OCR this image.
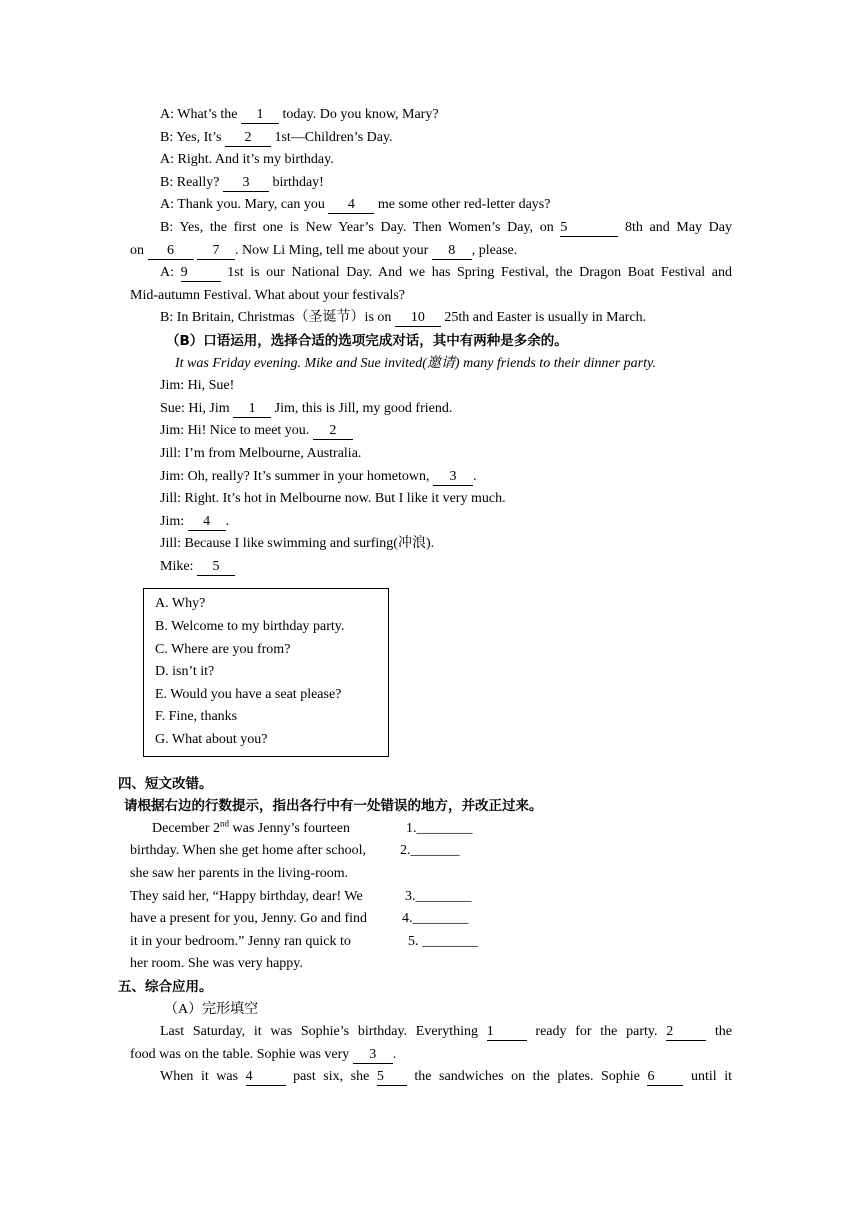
A: What’s the 1 today. Do you know, Mary?
B: Yes, It’s 2 1st—Children’s Day.
A: Right. And it’s my birthday.
B: Really? 3 birthday!
A: Thank you. Mary, can you 4 me some other red-letter days?
B: Yes, the first one is New Year’s Day. Then Women’s Day, on 5	8th and May Day
on 6	7 . Now Li Ming, tell me about your 8 , please.
A: 9 1st is our National Day. And we has Spring Festival, the Dragon Boat Festival and
Mid-autumn Festival. What about your festivals?
B: In Britain, Christmas（圣诞节）is on 10 25th and Easter is usually in March.
（B）口语运用，选择合适的选项完成对话，其中有两种是多余的。
It was Friday evening. Mike and Sue invited(邀请) many friends to their dinner party.
Jim: Hi, Sue!
Sue: Hi, Jim 1 Jim, this is Jill, my good friend.
Jim: Hi! Nice to meet you. 2
Jill: I’m from Melbourne, Australia.
Jim: Oh, really? It’s summer in your hometown, 3 .
Jill: Right. It’s hot in Melbourne now. But I like it very much.
Jim: 4 .
Jill: Because I like swimming and surfing(冲浪).
Mike: 5
A. Why?
B. Welcome to my birthday party.
C. Where are you from?
D. isn’t it?
E. Would you have a seat please?
F. Fine, thanks
G. What about you?
四、短文改错。
请根据右边的行数提示，指出各行中有一处错误的地方，并改正过来。
December 2nd was Jenny’s fourteen	1.________
birthday. When she get home after school, 2._______
she saw her parents in the living-room.
They said her, “Happy birthday, dear! We	3.________
have a present for you, Jenny. Go and find 4.________
it in your bedroom.” Jenny ran quick to	5. ________
her room. She was very happy.
五、综合应用。
（A）完形填空
Last Saturday, it was Sophie’s birthday. Everything 1 ready for the party. 2 the
food was on the table. Sophie was very 3 .
When it was 4 past six, she 5 the sandwiches on the plates. Sophie 6 until it
